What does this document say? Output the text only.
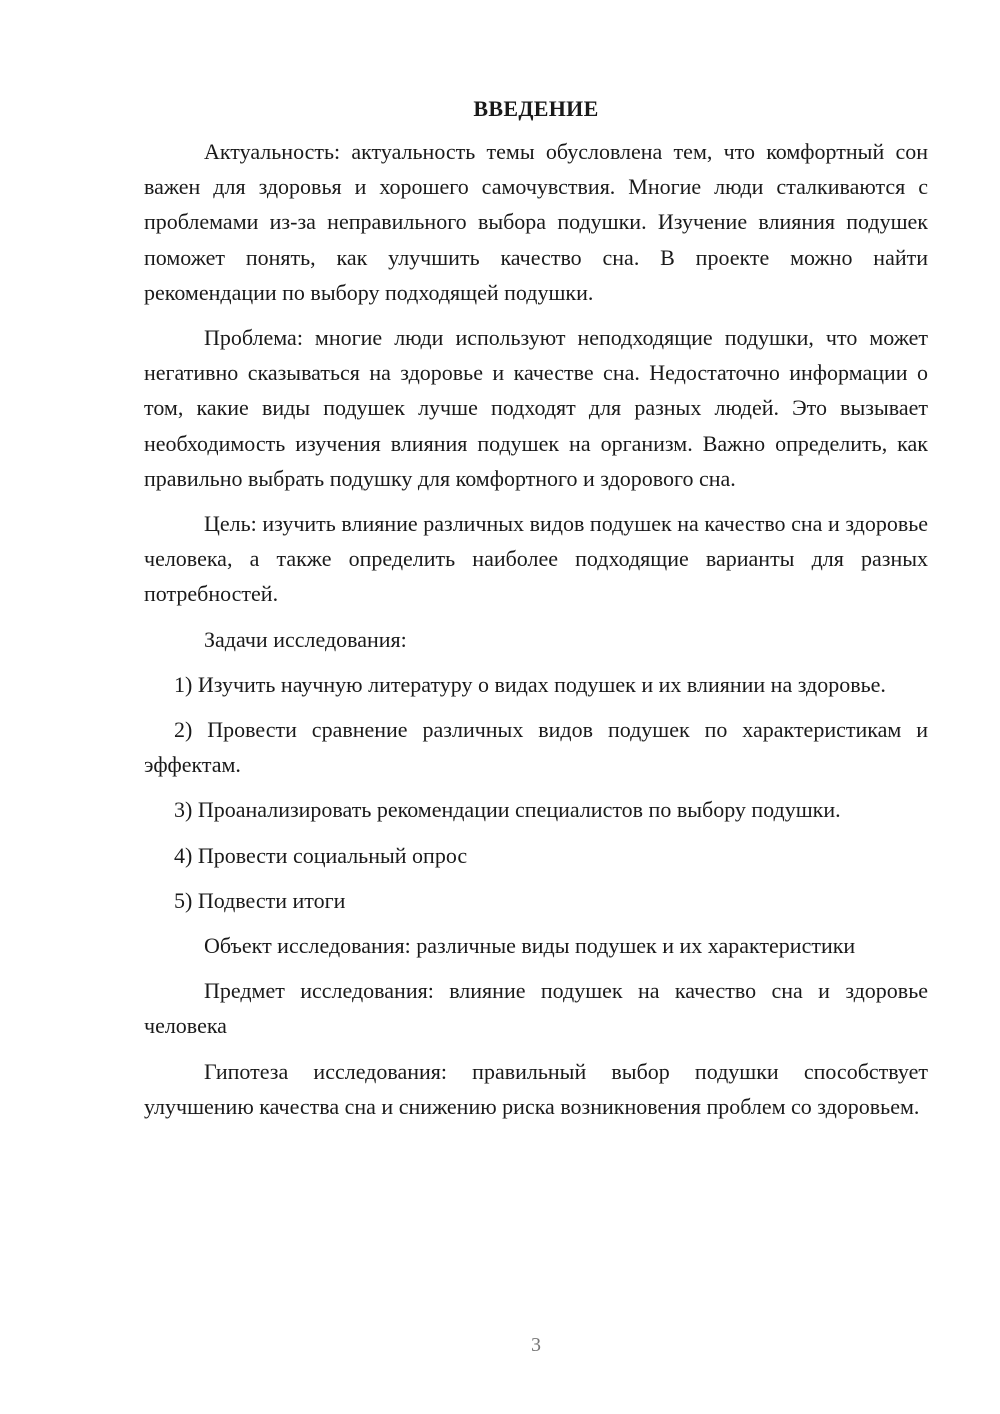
ВВЕДЕНИЕ

Актуальность: актуальность темы обусловлена тем, что комфортный сон важен для здоровья и хорошего самочувствия. Многие люди сталкиваются с проблемами из-за неправильного выбора подушки. Изучение влияния подушек поможет понять, как улучшить качество сна. В проекте можно найти рекомендации по выбору подходящей подушки.

Проблема: многие люди используют неподходящие подушки, что может негативно сказываться на здоровье и качестве сна. Недостаточно информации о том, какие виды подушек лучше подходят для разных людей. Это вызывает необходимость изучения влияния подушек на организм. Важно определить, как правильно выбрать подушку для комфортного и здорового сна.

Цель: изучить влияние различных видов подушек на качество сна и здоровье человека, а также определить наиболее подходящие варианты для разных потребностей.

Задачи исследования:

1) Изучить научную литературу о видах подушек и их влиянии на здоровье.

2) Провести сравнение различных видов подушек по характеристикам и эффектам.

3) Проанализировать рекомендации специалистов по выбору подушки.

4) Провести социальный опрос

5) Подвести итоги

Объект исследования: различные виды подушек и их характеристики

Предмет исследования: влияние подушек на качество сна и здоровье человека

Гипотеза исследования: правильный выбор подушки способствует улучшению качества сна и снижению риска возникновения проблем со здоровьем.

3
